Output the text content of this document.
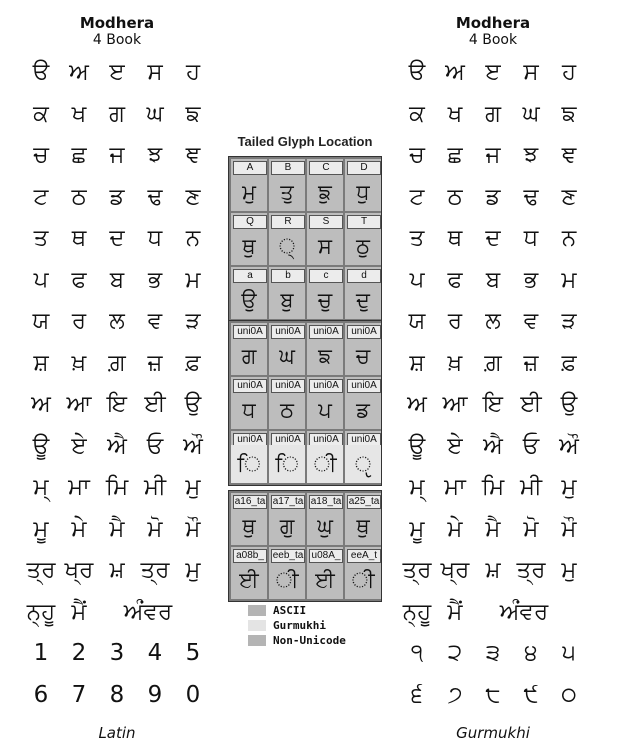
Modhera
4 Book
ੳ ਅ ੲ ਸ	ਹ
ਕ ਖ ਗ ਘ ਙ
ਚ ਛ ਜ	ਝ	ਞ
ਟ	ਠ ਡ	ਢ ਣ
ਤ	ਥ	ਦ	ਧ	ਨ
ਪ	ਫ	ਬ	ਭ	ਮ
ਯ ਰ	ਲ	ਵ	ੜ
ਸ਼	ਖ਼ ਗ਼ ਜ਼ ਫ਼
ਅ ਆ ਇ ਈ ਉ
ਊ ਏ ਐ ਓ ਔ
ਮ੍ ਮਾ ਮਿ ਮੀ ਮੁ
ਮੂ ਮੇ ਮੈ ਮੋ ਮੌ
ਤ੍ਰ ਖ੍ਰ ਮ਼ ਤ੍ਰ ਮੁ
ਨ੍ਹੂ ਮੈਂ	ਅੰਂਵਰ
1	2	3	4	5
6	7	8	9	0
Latin
Modhera
4 Book
ੳ ਅ ੲ ਸ	ਹ
ਕ ਖ ਗ ਘ ਙ
ਚ ਛ ਜ	ਝ	ਞ
ਟ	ਠ ਡ	ਢ ਣ
ਤ	ਥ	ਦ	ਧ	ਨ
ਪ	ਫ	ਬ	ਭ	ਮ
ਯ ਰ	ਲ	ਵ	ੜ
ਸ਼	ਖ਼ ਗ਼ ਜ਼ ਫ਼
ਅ ਆ ਇ ਈ ਉ
ਊ ਏ ਐ ਓ ਔ
ਮ੍ ਮਾ ਮਿ ਮੀ ਮੁ
ਮੂ ਮੇ ਮੈ ਮੋ ਮੌ
ਤ੍ਰ ਖ੍ਰ ਮ਼ ਤ੍ਰ ਮੁ
ਨ੍ਹੂ ਮੈਂ	ਅੰਂਵਰ
੧	੨	੩	੪	੫
੬	੭ ੮ ੯ ੦
Gurmukhi
Tailed Glyph Location
A
ਮੁ
B
ਤੁ
C
ਙੁ
D
ਧੁ
Q
ਥੁ
R
੍
S
ਸ
T
ਠੁ
a
ਉ
b
ਬੁ
c
ਚੁ
d
ਦੁ
uni0A
ਗ
uni0A
ਘ
uni0A
ਙ
uni0A
ਚ
uni0A
ਧ
uni0A
ਠ
uni0A
ਪ
uni0A
ਡ
uni0A
ਿ
uni0A
ਿ
uni0A
ੀ
uni0A
ੵ
a16_ta
ਥੁ
a17_ta
ਗੁ
a18_ta
ਘੁ
a25_ta
ਥੁ
a08b_
ਈ
eeb_ta
ੀ
u08A_
ਈ
eeA_t
ੀ
ASCII
Gurmukhi
Non-Unicode
